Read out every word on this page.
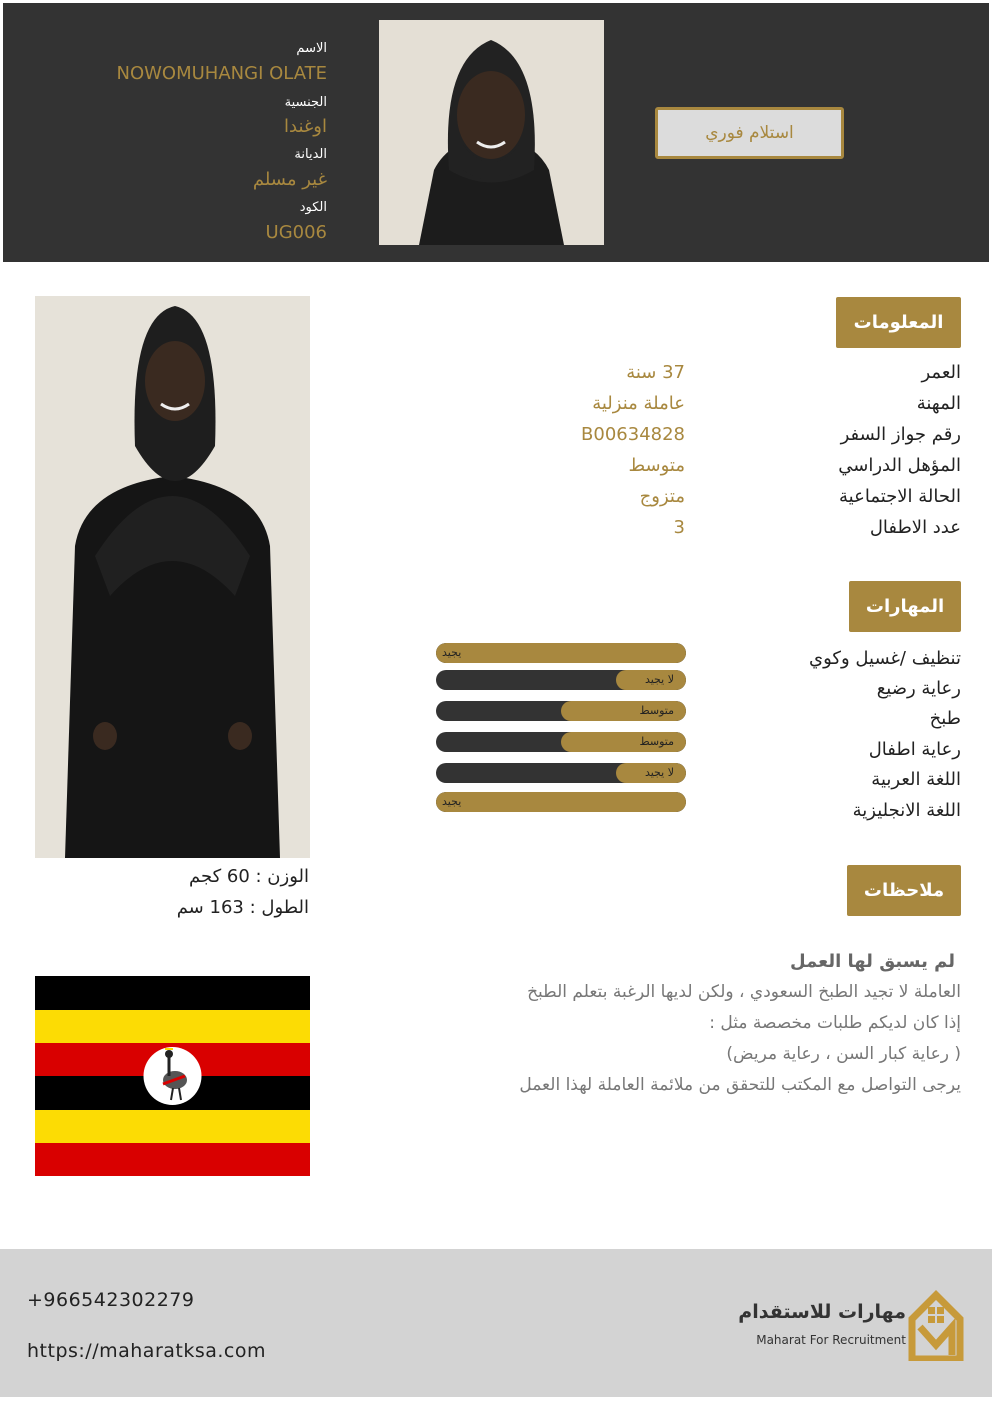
الاسم
NOWOMUHANGI OLATE
الجنسية
اوغندا
الديانة
غير مسلم
الكود
UG006
استلام فوري
الوزن : 60 كجم
الطول : 163 سم
المعلومات
العمر
37 سنة
المهنة
عاملة منزلية
رقم جواز السفر
B00634828
المؤهل الدراسي
متوسط
الحالة الاجتماعية
متزوج
عدد الاطفال
3
المهارات
تنظيف /غسيل وكوي
رعاية رضيع
طبخ
رعاية اطفال
اللغة العربية
اللغة الانجليزية
يجيد
لا يجيد
متوسط
متوسط
لا يجيد
يجيد
ملاحظات
لم يسبق لها العمل
العاملة لا تجيد الطبخ السعودي ، ولكن لديها الرغبة بتعلم الطبخ
إذا كان لديكم طلبات مخصصة مثل :
( رعاية كبار السن ، رعاية مريض)
يرجى التواصل مع المكتب للتحقق من ملائمة العاملة لهذا العمل
+966542302279
https://maharatksa.com
مهارات للاستقدام
Maharat For Recruitment
